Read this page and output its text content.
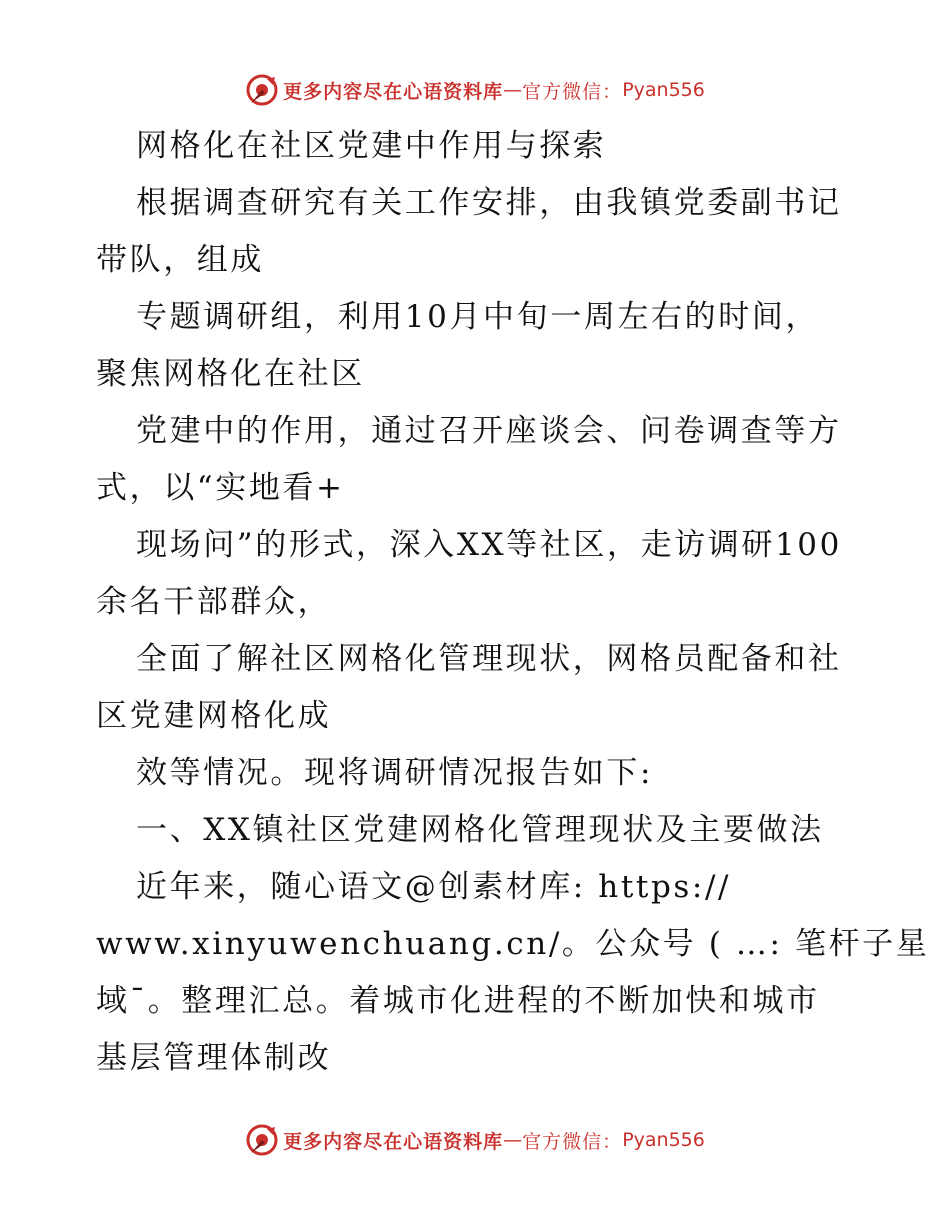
更多内容尽在心语资料库 — 官方微信： Pyan556
网格化在社区党建中作用与探索
根据调查研究有关工作安排，由我镇党委副书记
带队，组成
专题调研组，利用10月中旬一周左右的时间，
聚焦网格化在社区
党建中的作用，通过召开座谈会、问卷调查等方
式，以“实地看+
现场问”的形式，深入XX等社区，走访调研100
余名干部群众，
全面了解社区网格化管理现状，网格员配备和社
区党建网格化成
效等情况。现将调研情况报告如下:
一、XX镇社区党建网格化管理现状及主要做法
近年来，随心语文@创素材库: https://
www.xinyuwenchuang.cn/。公众号 ( …: 笔杆子星
域¯。整理汇总。着城市化进程的不断加快和城市
基层管理体制改
更多内容尽在心语资料库 — 官方微信： Pyan556
